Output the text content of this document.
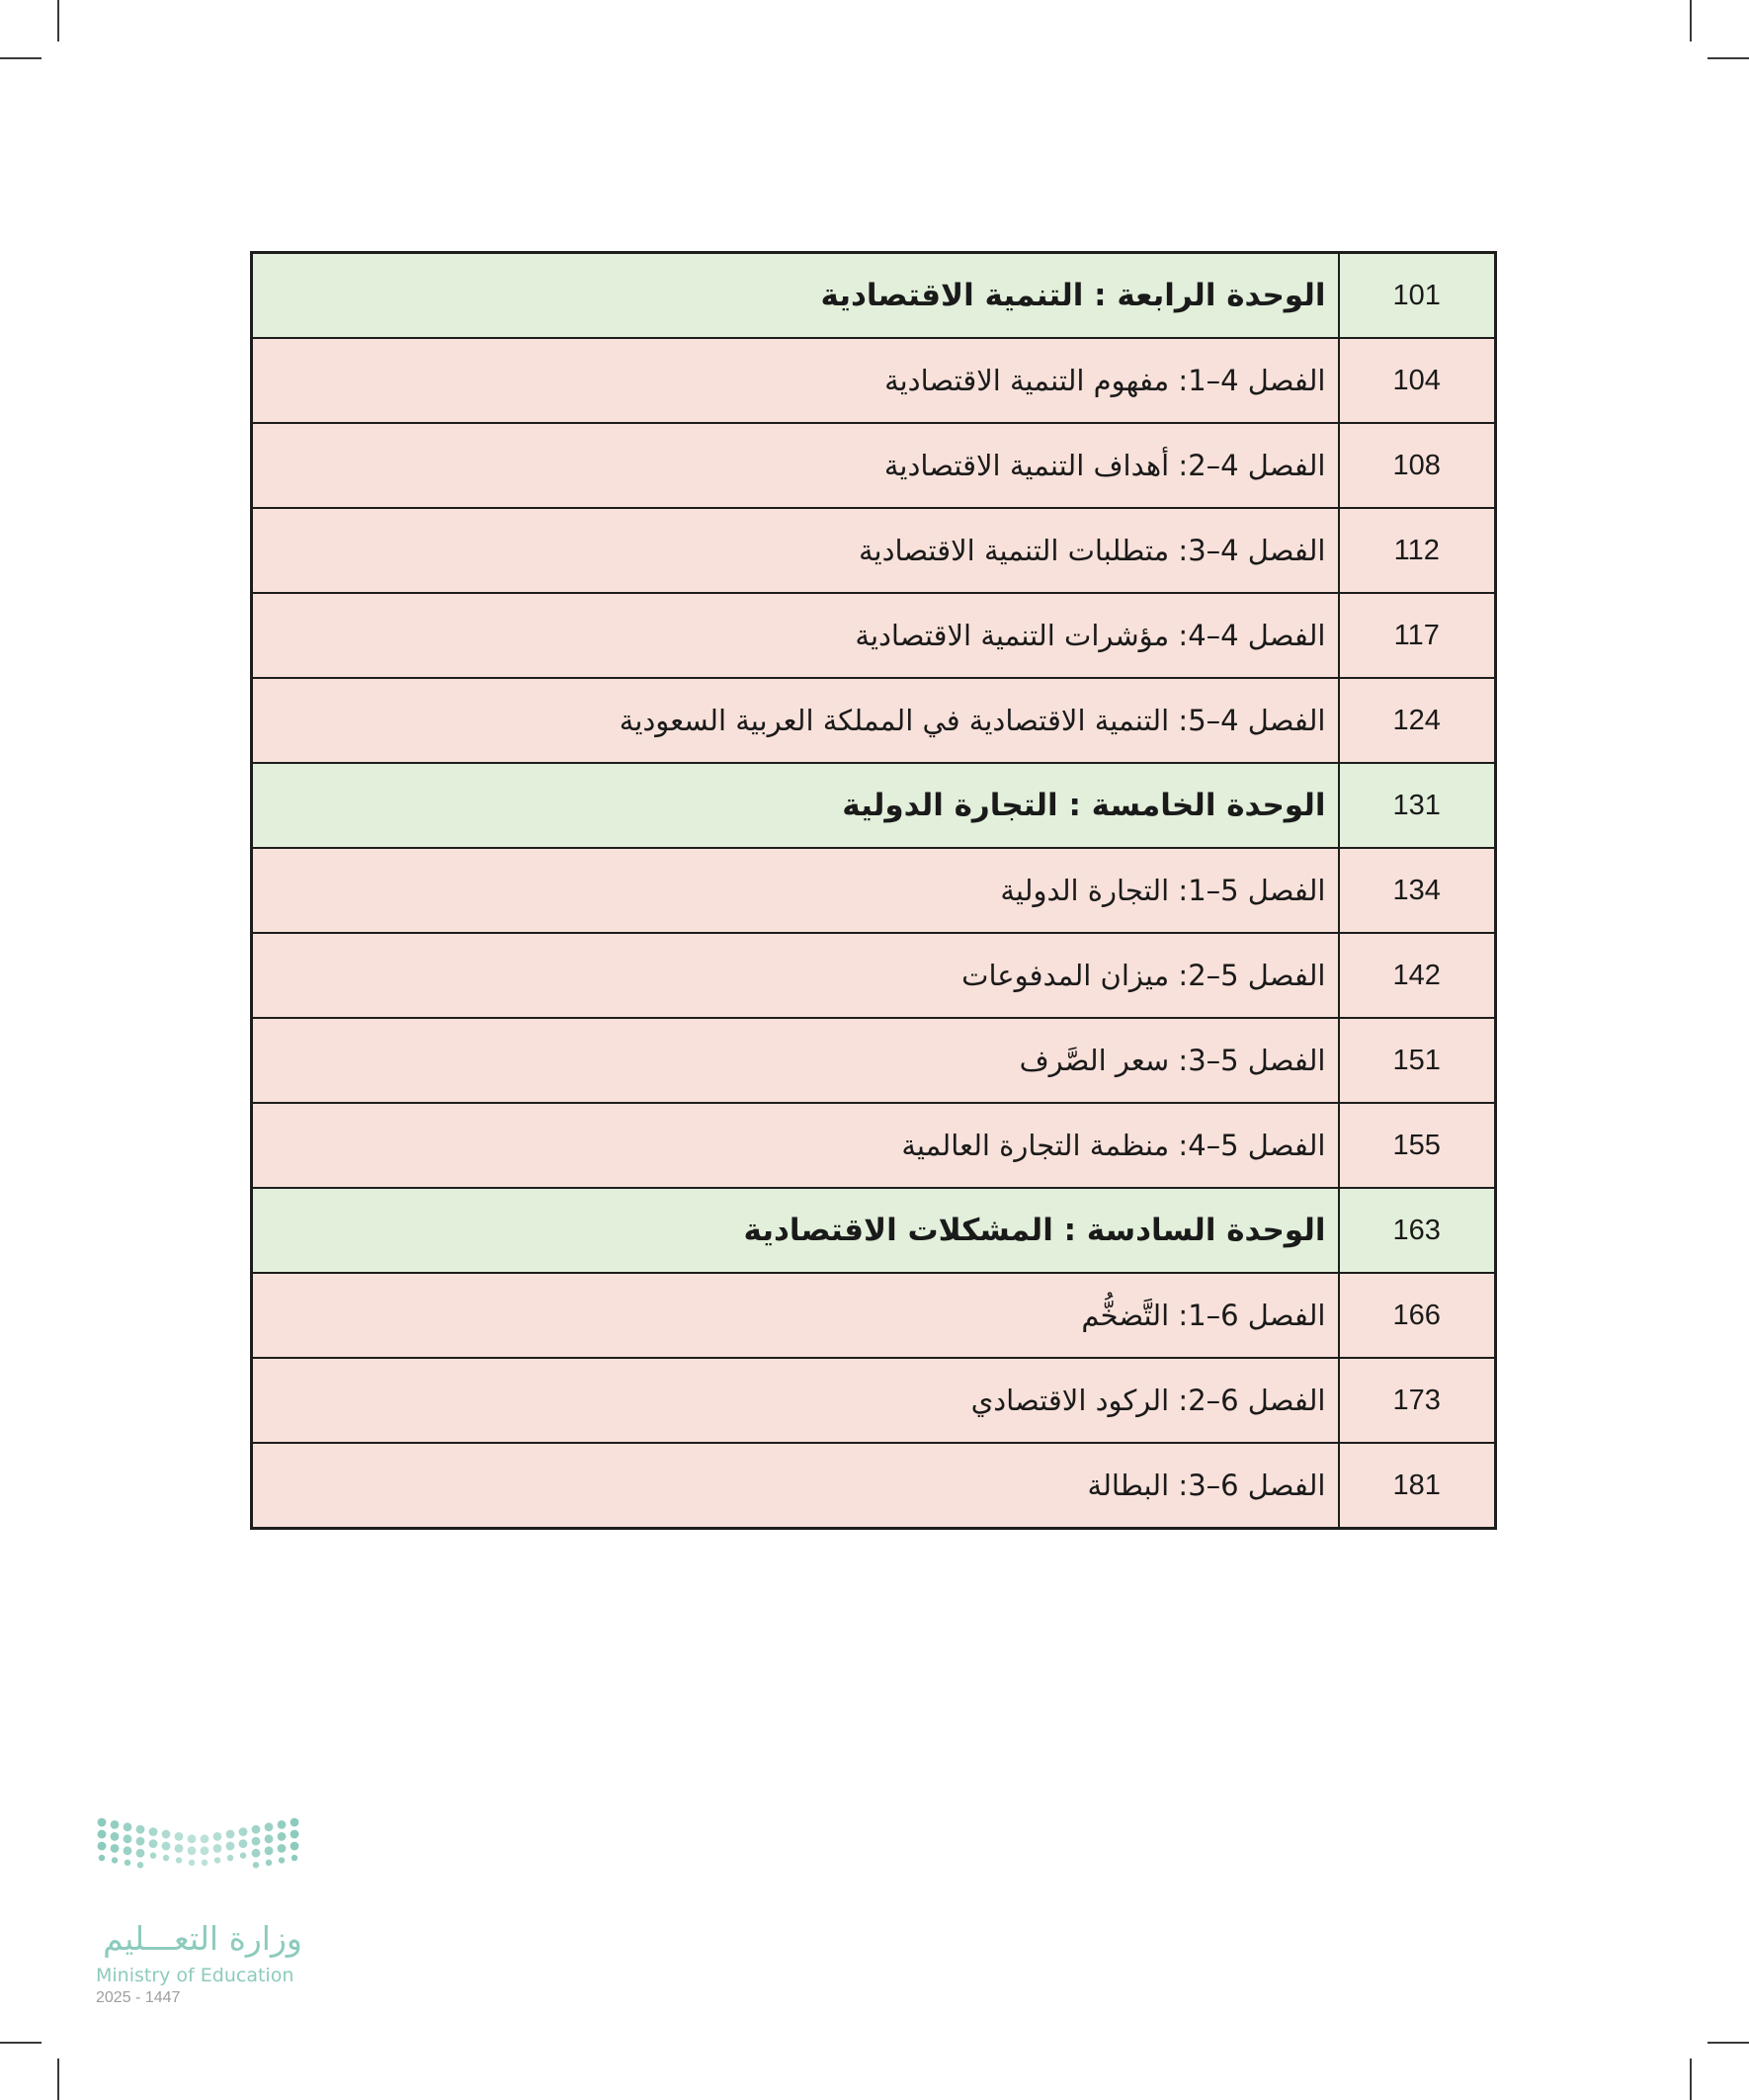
الوحدة الرابعة : التنمية الاقتصادية	101
الفصل 4–1: مفهوم التنمية الاقتصادية	104
الفصل 4–2: أهداف التنمية الاقتصادية	108
الفصل 4–3: متطلبات التنمية الاقتصادية	112
الفصل 4–4: مؤشرات التنمية الاقتصادية	117
الفصل 4–5: التنمية الاقتصادية في المملكة العربية السعودية	124
الوحدة الخامسة : التجارة الدولية	131
الفصل 5–1: التجارة الدولية	134
الفصل 5–2: ميزان المدفوعات	142
الفصل 5–3: سعر الصَّرف	151
الفصل 5–4: منظمة التجارة العالمية	155
الوحدة السادسة : المشكلات الاقتصادية	163
الفصل 6–1: التَّضخُّم	166
الفصل 6–2: الركود الاقتصادي	173
الفصل 6–3: البطالة	181
وزارة التعـــليم
Ministry of Education
2025 - 1447
